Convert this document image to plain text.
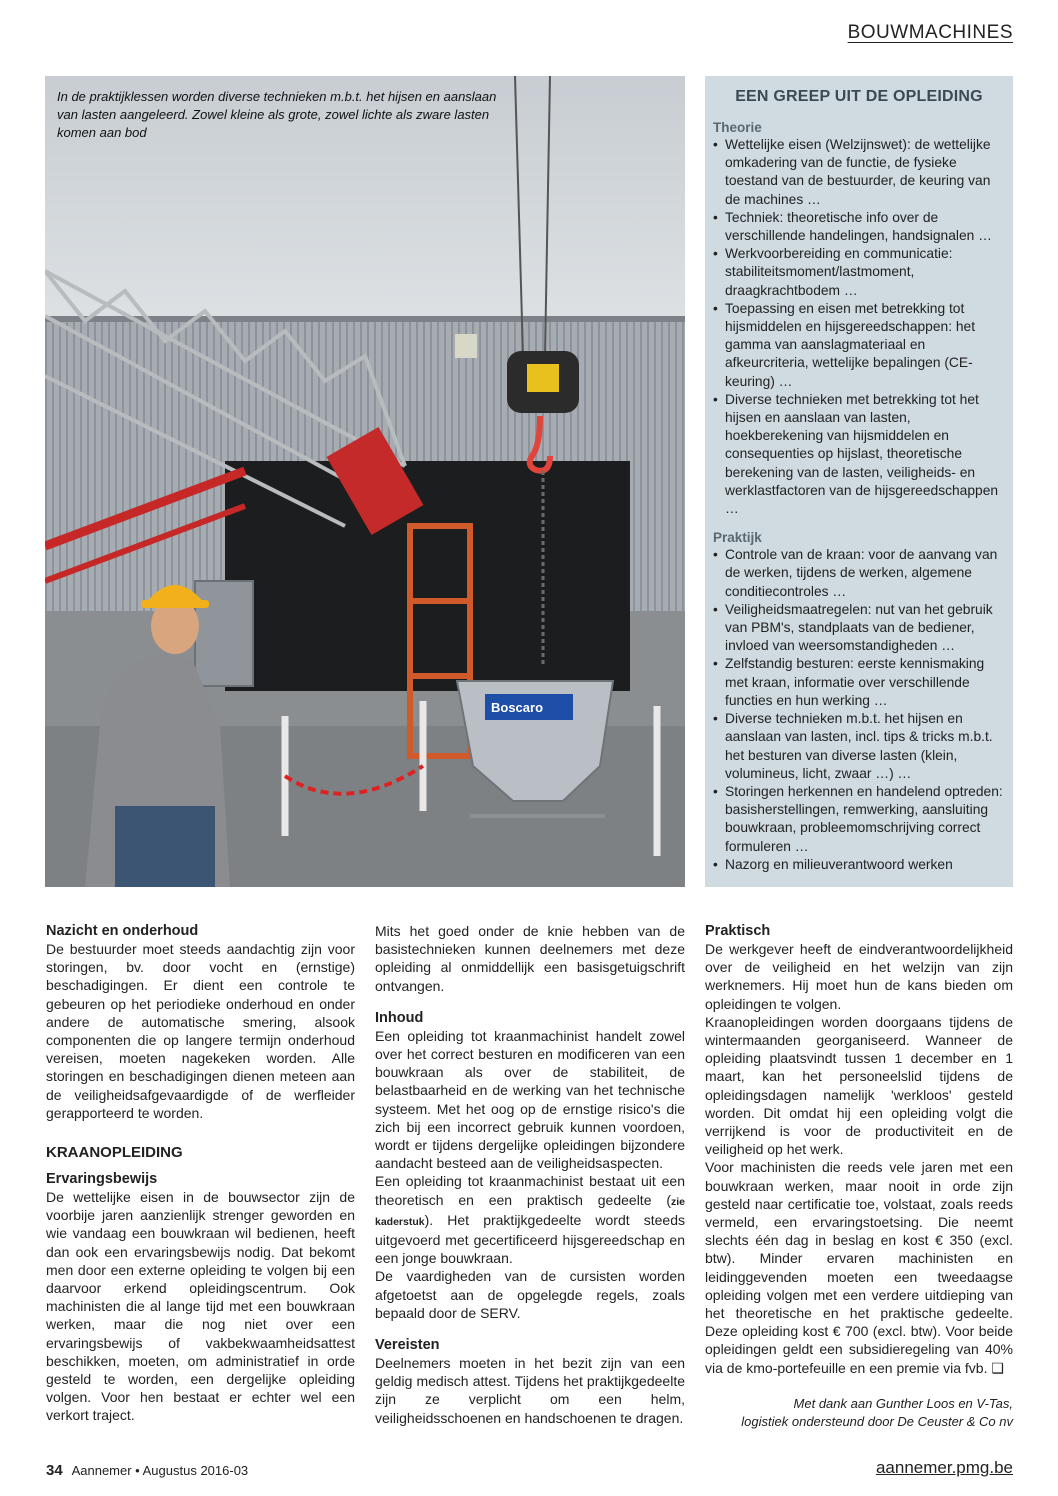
BOUWMACHINES
Boscaro
In de praktijklessen worden diverse technieken m.b.t. het hijsen en aanslaan van lasten aangeleerd. Zowel kleine als grote, zowel lichte als zware lasten komen aan bod
EEN GREEP UIT DE OPLEIDING
Theorie
• Wettelijke eisen (Welzijnswet): de wettelijke omkadering van de functie, de fysieke toestand van de bestuurder, de keuring van de machines …
• Techniek: theoretische info over de verschillende handelingen, handsignalen …
• Werkvoorbereiding en communicatie: stabiliteitsmoment/lastmoment, draagkrachtbodem …
• Toepassing en eisen met betrekking tot hijsmiddelen en hijsgereedschappen: het gamma van aanslagmateriaal en afkeurcriteria, wettelijke bepalingen (CE-keuring) …
• Diverse technieken met betrekking tot het hijsen en aanslaan van lasten, hoekberekening van hijsmiddelen en consequenties op hijslast, theoretische berekening van de lasten, veiligheids- en werklastfactoren van de hijsgereedschappen …
Praktijk
• Controle van de kraan: voor de aanvang van de werken, tijdens de werken, algemene conditiecontroles …
• Veiligheidsmaatregelen: nut van het gebruik van PBM's, standplaats van de bediener, invloed van weersomstandigheden …
• Zelfstandig besturen: eerste kennismaking met kraan, informatie over verschillende functies en hun werking …
• Diverse technieken m.b.t. het hijsen en aanslaan van lasten, incl. tips & tricks m.b.t. het besturen van diverse lasten (klein, volumineus, licht, zwaar …) …
• Storingen herkennen en handelend optreden: basisherstellingen, remwerking, aansluiting bouwkraan, probleemomschrijving correct formuleren …
• Nazorg en milieuverantwoord werken
Nazicht en onderhoud

De bestuurder moet steeds aandachtig zijn voor storingen, bv. door vocht en (ernstige) beschadigingen. Er dient een controle te gebeuren op het periodieke onderhoud en onder andere de automatische smering, alsook componenten die op langere termijn onderhoud vereisen, moeten nagekeken worden. Alle storingen en beschadigingen dienen meteen aan de veiligheidsafgevaardigde of de werfleider gerapporteerd te worden.

KRAANOPLEIDING
Ervaringsbewijs

De wettelijke eisen in de bouwsector zijn de voorbije jaren aanzienlijk strenger geworden en wie vandaag een bouwkraan wil bedienen, heeft dan ook een ervaringsbewijs nodig. Dat bekomt men door een externe opleiding te volgen bij een daarvoor erkend opleidingscentrum. Ook machinisten die al lange tijd met een bouwkraan werken, maar die nog niet over een ervaringsbewijs of vakbekwaamheidsattest beschikken, moeten, om administratief in orde gesteld te worden, een dergelijke opleiding volgen. Voor hen bestaat er echter wel een verkort traject.

Mits het goed onder de knie hebben van de basistechnieken kunnen deelnemers met deze opleiding al onmiddellijk een basisgetuigschrift ontvangen.

Inhoud

Een opleiding tot kraanmachinist handelt zowel over het correct besturen en modificeren van een bouwkraan als over de stabiliteit, de belastbaarheid en de werking van het technische systeem. Met het oog op de ernstige risico's die zich bij een incorrect gebruik kunnen voordoen, wordt er tijdens dergelijke opleidingen bijzondere aandacht besteed aan de veiligheidsaspecten.

Een opleiding tot kraanmachinist bestaat uit een theoretisch en een praktisch gedeelte (zie kaderstuk). Het praktijkgedeelte wordt steeds uitgevoerd met gecertificeerd hijsgereedschap en een jonge bouwkraan.

De vaardigheden van de cursisten worden afgetoetst aan de opgelegde regels, zoals bepaald door de SERV.

Vereisten

Deelnemers moeten in het bezit zijn van een geldig medisch attest. Tijdens het praktijkgedeelte zijn ze verplicht om een helm, veiligheidsschoenen en handschoenen te dragen.

Praktisch

De werkgever heeft de eindverantwoordelijkheid over de veiligheid en het welzijn van zijn werknemers. Hij moet hun de kans bieden om opleidingen te volgen.

Kraanopleidingen worden doorgaans tijdens de wintermaanden georganiseerd. Wanneer de opleiding plaatsvindt tussen 1 december en 1 maart, kan het personeelslid tijdens de opleidingsdagen namelijk 'werkloos' gesteld worden. Dit omdat hij een opleiding volgt die verrijkend is voor de productiviteit en de veiligheid op het werk.

Voor machinisten die reeds vele jaren met een bouwkraan werken, maar nooit in orde zijn gesteld naar certificatie toe, volstaat, zoals reeds vermeld, een ervaringstoetsing. Die neemt slechts één dag in beslag en kost € 350 (excl. btw). Minder ervaren machinisten en leidinggevenden moeten een tweedaagse opleiding volgen met een verdere uitdieping van het theoretische en het praktische gedeelte. Deze opleiding kost € 700 (excl. btw). Voor beide opleidingen geldt een subsidieregeling van 40% via de kmo-portefeuille en een premie via fvb. ❑

Met dank aan Gunther Loos en V-Tas,
logistiek ondersteund door De Ceuster & Co nv
34 Aannemer • Augustus 2016-03	aannemer.pmg.be
